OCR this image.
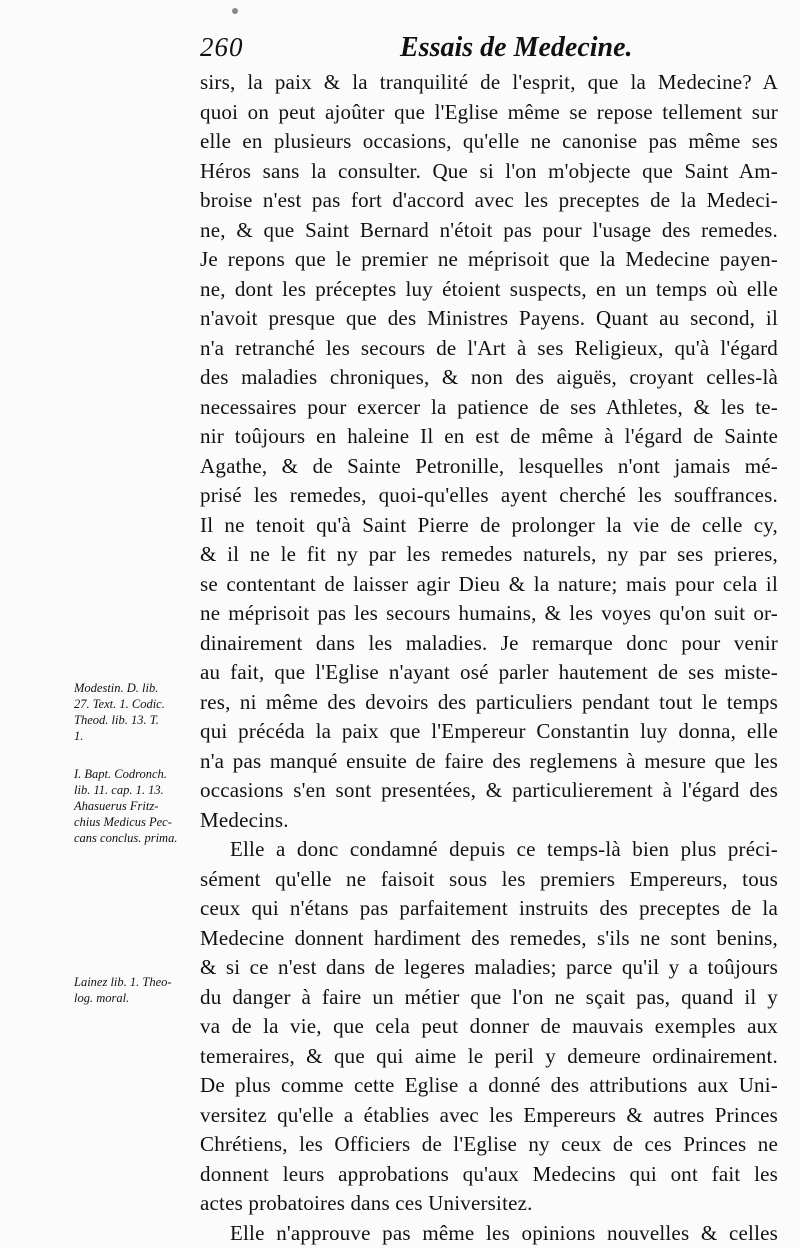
260	Essais de Medecine.
sirs, la paix & la tranquilité de l'esprit, que la Medecine? A
quoi on peut ajoûter que l'Eglise même se repose tellement sur
elle en plusieurs occasions, qu'elle ne canonise pas même ses
Héros sans la consulter. Que si l'on m'objecte que Saint Am-
broise n'est pas fort d'accord avec les preceptes de la Medeci-
ne, & que Saint Bernard n'étoit pas pour l'usage des remedes.
Je repons que le premier ne méprisoit que la Medecine payen-
ne, dont les préceptes luy étoient suspects, en un temps où elle
n'avoit presque que des Ministres Payens. Quant au second, il
n'a retranché les secours de l'Art à ses Religieux, qu'à l'égard
des maladies chroniques, & non des aiguës, croyant celles-là
necessaires pour exercer la patience de ses Athletes, & les te-
nir toûjours en haleine Il en est de même à l'égard de Sainte
Agathe, & de Sainte Petronille, lesquelles n'ont jamais mé-
prisé les remedes, quoi-qu'elles ayent cherché les souffrances.
Il ne tenoit qu'à Saint Pierre de prolonger la vie de celle cy,
& il ne le fit ny par les remedes naturels, ny par ses prieres,
se contentant de laisser agir Dieu & la nature; mais pour cela il
ne méprisoit pas les secours humains, & les voyes qu'on suit or-
dinairement dans les maladies. Je remarque donc pour venir
au fait, que l'Eglise n'ayant osé parler hautement de ses miste-
res, ni même des devoirs des particuliers pendant tout le temps
qui précéda la paix que l'Empereur Constantin luy donna, elle
n'a pas manqué ensuite de faire des reglemens à mesure que les
occasions s'en sont presentées, & particulierement à l'égard des
Medecins.
Elle a donc condamné depuis ce temps-là bien plus préci-
sément qu'elle ne faisoit sous les premiers Empereurs, tous
ceux qui n'étans pas parfaitement instruits des preceptes de la
Medecine donnent hardiment des remedes, s'ils ne sont benins,
& si ce n'est dans de legeres maladies; parce qu'il y a toûjours
du danger à faire un métier que l'on ne sçait pas, quand il y
va de la vie, que cela peut donner de mauvais exemples aux
temeraires, & que qui aime le peril y demeure ordinairement.
De plus comme cette Eglise a donné des attributions aux Uni-
versitez qu'elle a établies avec les Empereurs & autres Princes
Chrétiens, les Officiers de l'Eglise ny ceux de ces Princes ne
donnent leurs approbations qu'aux Medecins qui ont fait les
actes probatoires dans ces Universitez.
Elle n'approuve pas même les opinions nouvelles & celles
Modestin. D. lib.
27. Text. 1. Codic.
Theod. lib. 13. T.
1.
I. Bapt. Codronch.
lib. 11. cap. 1. 13.
Ahasuerus Fritz-
chius Medicus Pec-
cans conclus. prima.
Lainez lib. 1. Theo-
log. moral.
